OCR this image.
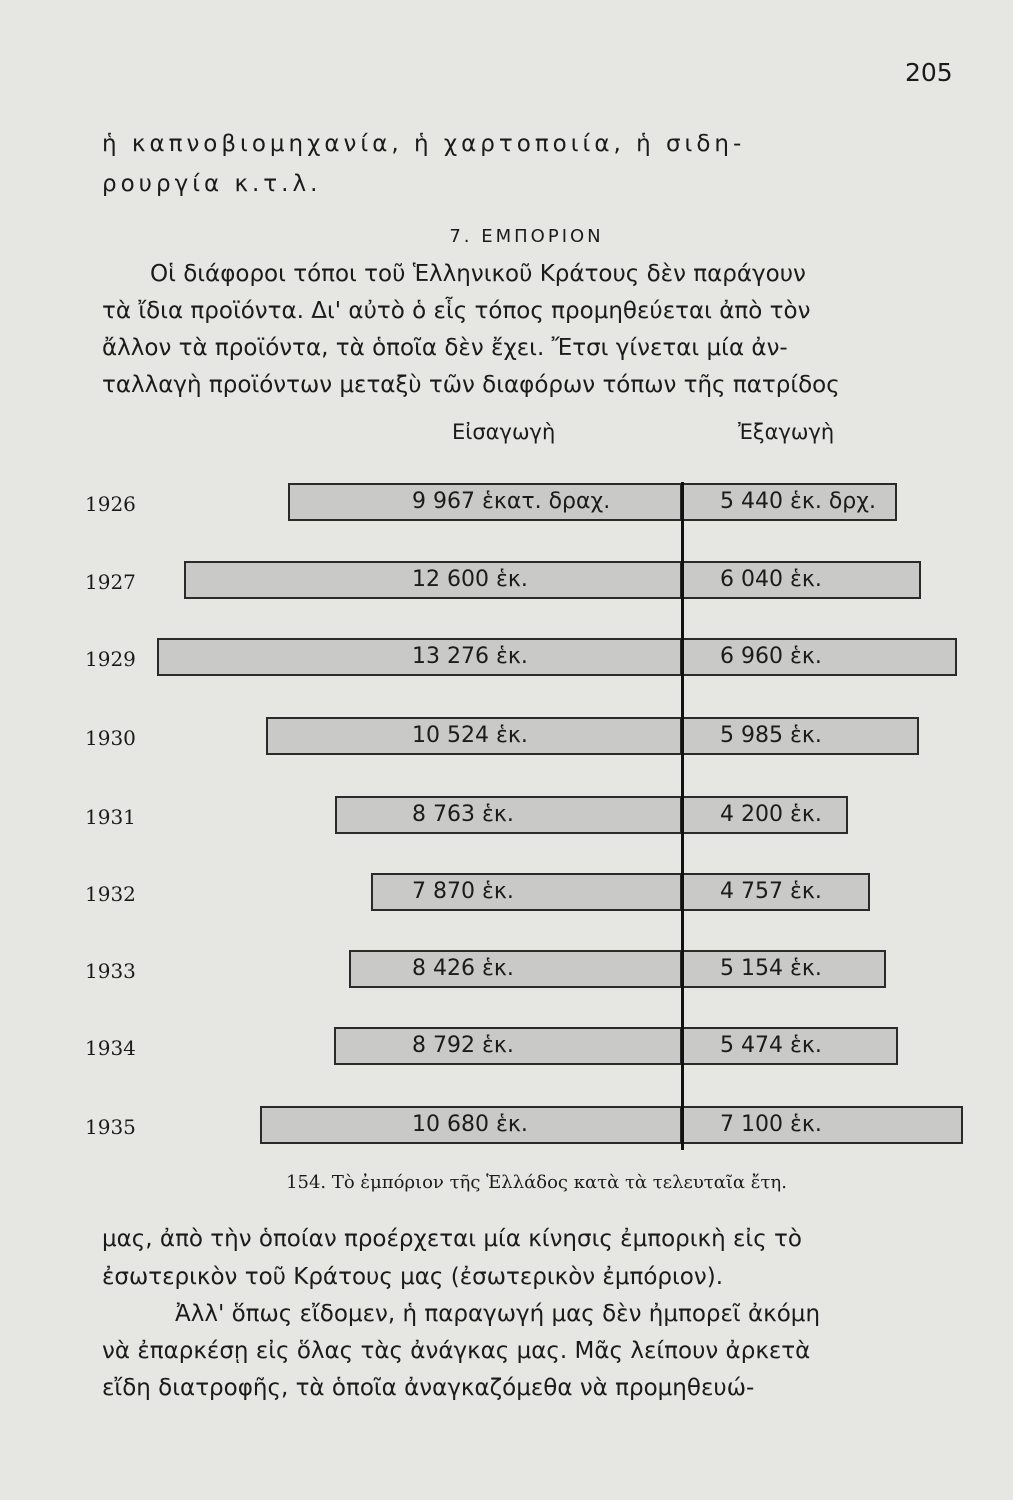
205
ἡ καπνοβιομηχανία, ἡ χαρτοποιία, ἡ σιδη-
ρουργία κ.τ.λ.
7. ΕΜΠΟΡΙΟΝ
Οἱ διάφοροι τόποι τοῦ Ἑλληνικοῦ Κράτους δὲν παράγουν
τὰ ἴδια προϊόντα. Δι' αὐτὸ ὁ εἷς τόπος προμηθεύεται ἀπὸ τὸν
ἄλλον τὰ προϊόντα, τὰ ὁποῖα δὲν ἔχει. Ἔτσι γίνεται μία ἀν-
ταλλαγὴ προϊόντων μεταξὺ τῶν διαφόρων τόπων τῆς πατρίδος
Εἰσαγωγὴ	Ἐξαγωγὴ
1926	9 967 ἑκατ. δραχ.	5 440 ἑκ. δρχ.
1927	12 600 ἑκ.	6 040 ἑκ.
1929	13 276 ἑκ.	6 960 ἑκ.
1930	10 524 ἑκ.	5 985 ἑκ.
1931	8 763 ἑκ.	4 200 ἑκ.
1932	7 870 ἑκ.	4 757 ἑκ.
1933	8 426 ἑκ.	5 154 ἑκ.
1934	8 792 ἑκ.	5 474 ἑκ.
1935	10 680 ἑκ.	7 100 ἑκ.
154. Τὸ ἐμπόριον τῆς Ἑλλάδος κατὰ τὰ τελευταῖα ἔτη.
μας, ἀπὸ τὴν ὁποίαν προέρχεται μία κίνησις ἐμπορικὴ εἰς τὸ
ἐσωτερικὸν τοῦ Κράτους μας (ἐσωτερικὸν ἐμπόριον).
Ἀλλ' ὅπως εἴδομεν, ἡ παραγωγή μας δὲν ἠμπορεῖ ἀκόμη
νὰ ἐπαρκέσῃ εἰς ὅλας τὰς ἀνάγκας μας. Μᾶς λείπουν ἀρκετὰ
εἴδη διατροφῆς, τὰ ὁποῖα ἀναγκαζόμεθα νὰ προμηθευώ-
